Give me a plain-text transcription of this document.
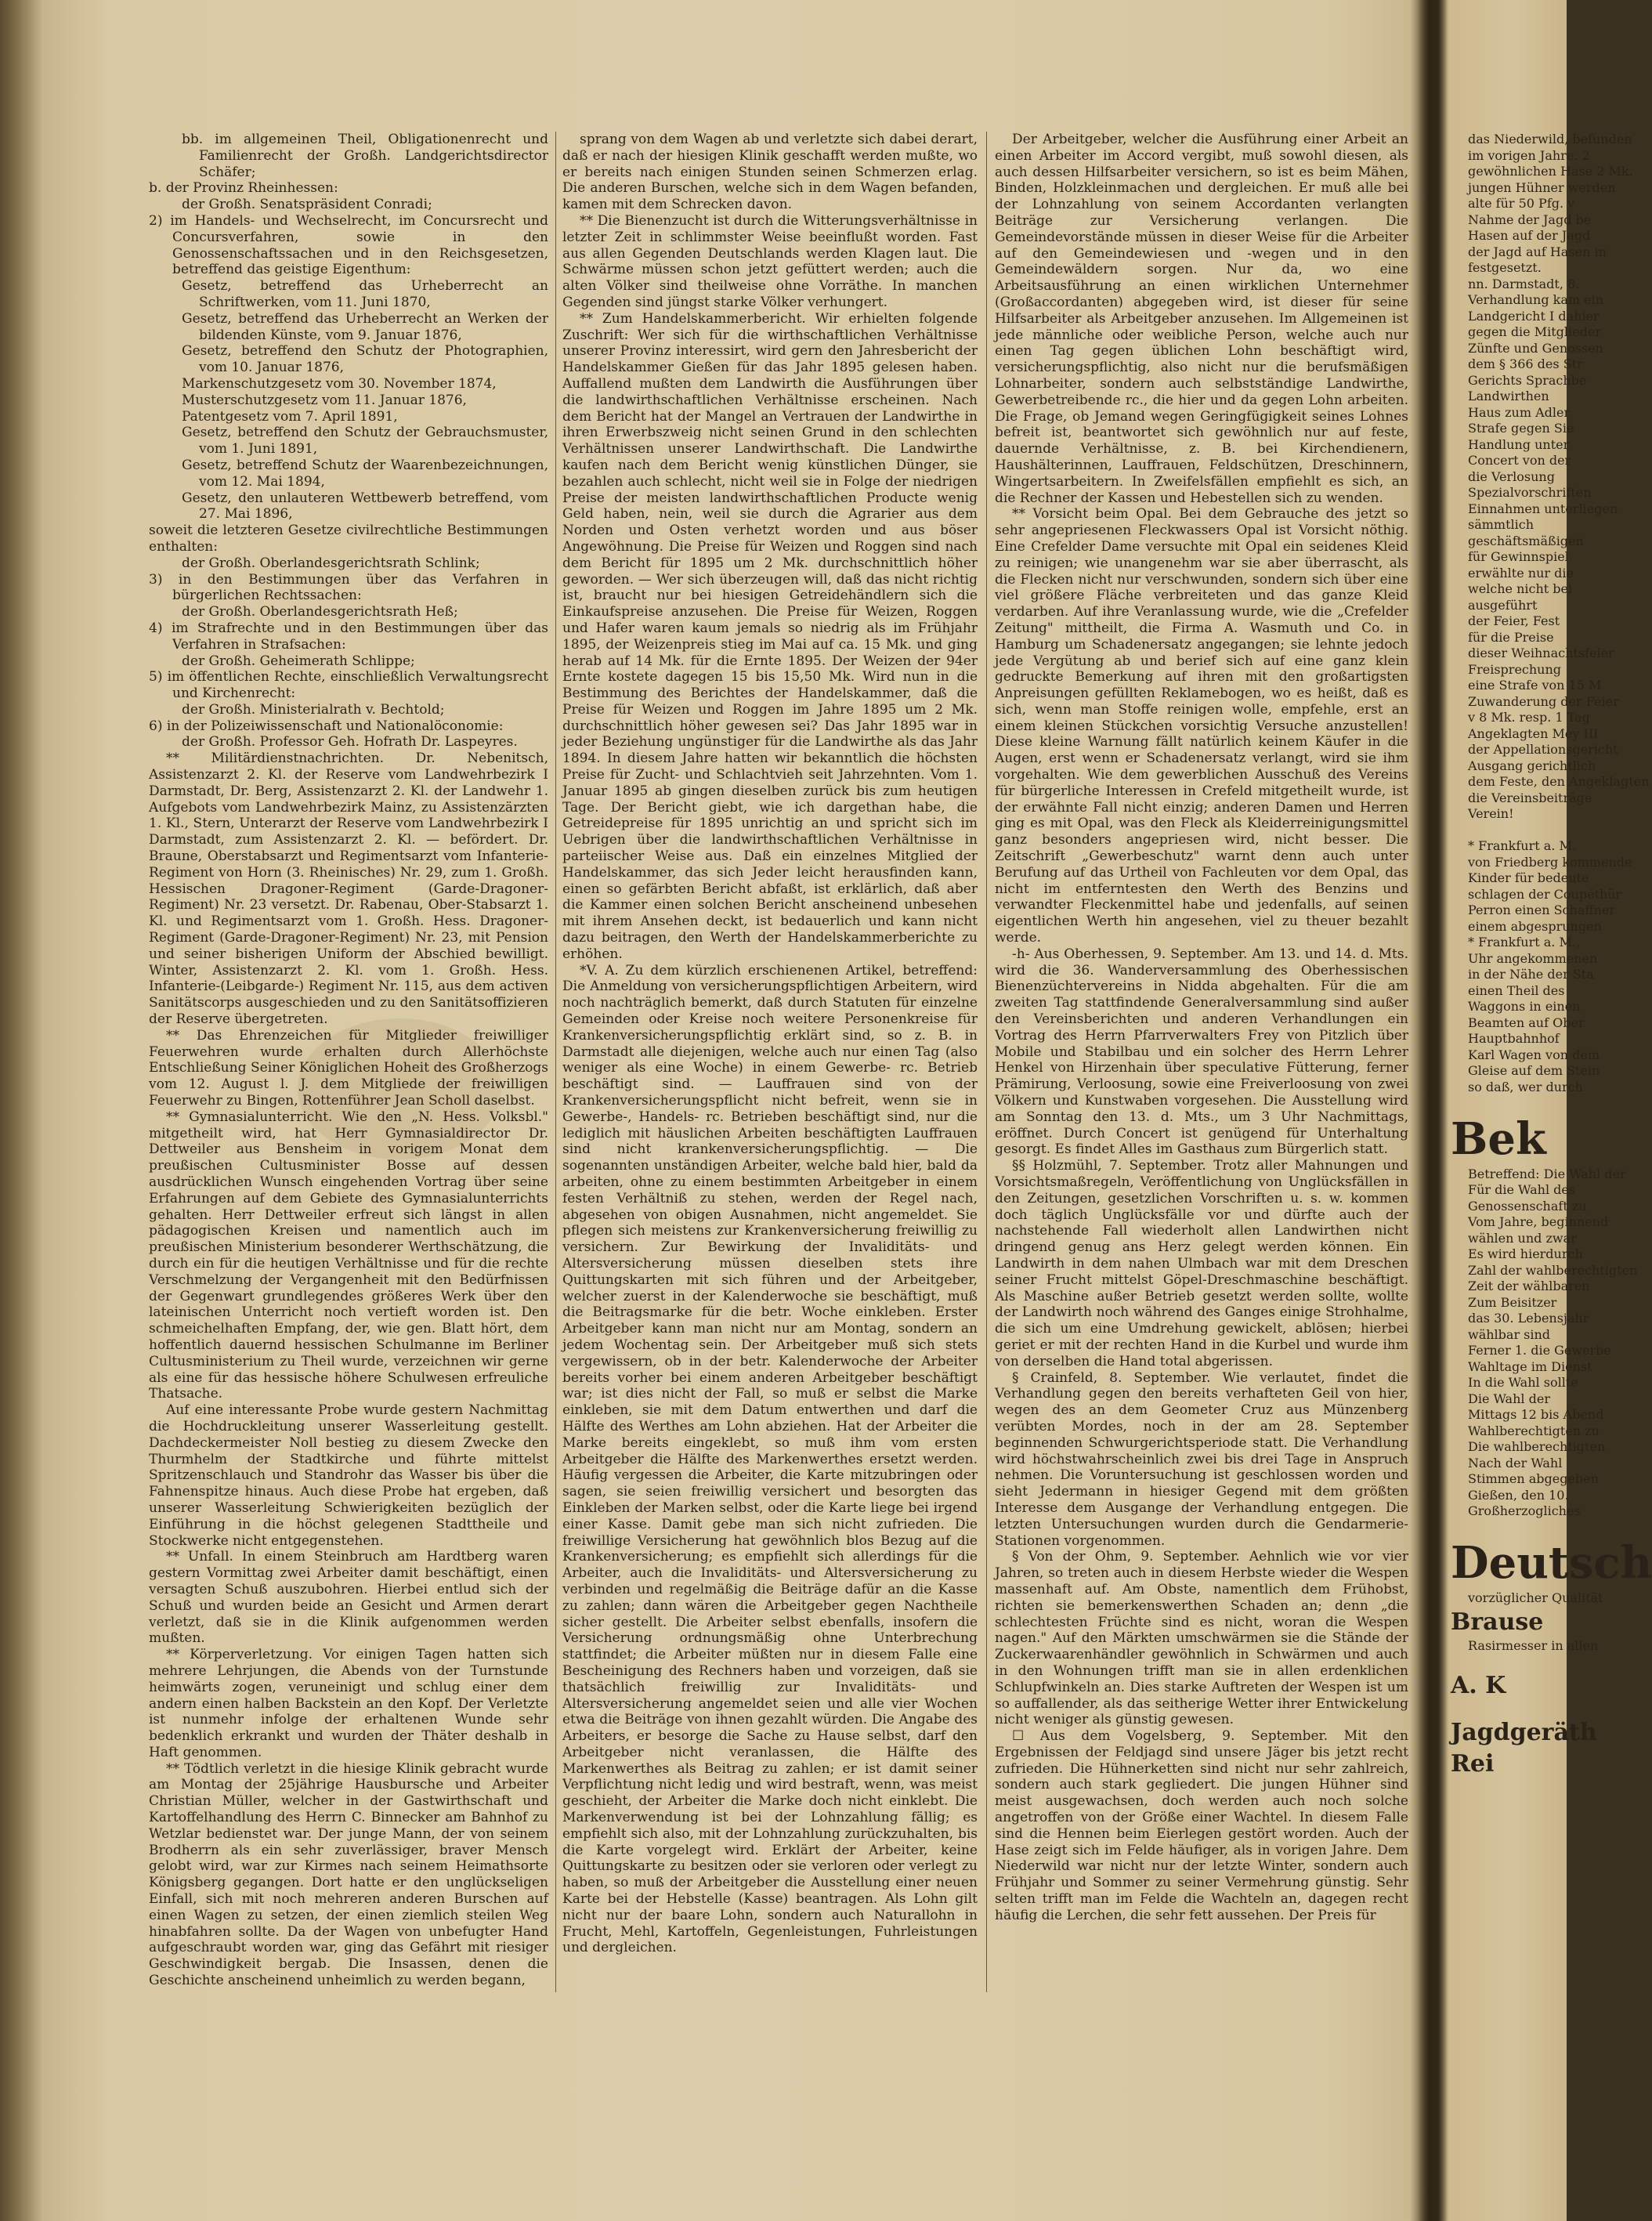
bb. im allgemeinen Theil, Obligationenrecht und Familienrecht der Großh. Landgerichtsdirector Schäfer;

b. der Provinz Rheinhessen:

der Großh. Senatspräsident Conradi;

2) im Handels- und Wechselrecht, im Concursrecht und Concursverfahren, sowie in den Genossenschaftssachen und in den Reichsgesetzen, betreffend das geistige Eigenthum:

Gesetz, betreffend das Urheberrecht an Schriftwerken, vom 11. Juni 1870,

Gesetz, betreffend das Urheberrecht an Werken der bildenden Künste, vom 9. Januar 1876,

Gesetz, betreffend den Schutz der Photographien, vom 10. Januar 1876,

Markenschutzgesetz vom 30. November 1874,

Musterschutzgesetz vom 11. Januar 1876,

Patentgesetz vom 7. April 1891,

Gesetz, betreffend den Schutz der Gebrauchsmuster, vom 1. Juni 1891,

Gesetz, betreffend Schutz der Waarenbezeichnungen, vom 12. Mai 1894,

Gesetz, den unlauteren Wettbewerb betreffend, vom 27. Mai 1896,

soweit die letzteren Gesetze civilrechtliche Bestimmungen enthalten:

der Großh. Oberlandesgerichtsrath Schlink;

3) in den Bestimmungen über das Verfahren in bürgerlichen Rechtssachen:

der Großh. Oberlandesgerichtsrath Heß;

4) im Strafrechte und in den Bestimmungen über das Verfahren in Strafsachen:

der Großh. Geheimerath Schlippe;

5) im öffentlichen Rechte, einschließlich Verwaltungsrecht und Kirchenrecht:

der Großh. Ministerialrath v. Bechtold;

6) in der Polizeiwissenschaft und Nationalöconomie:

der Großh. Professor Geh. Hofrath Dr. Laspeyres.

** Militärdienstnachrichten. Dr. Nebenitsch, Assistenzarzt 2. Kl. der Reserve vom Landwehrbezirk I Darmstadt, Dr. Berg, Assistenzarzt 2. Kl. der Landwehr 1. Aufgebots vom Landwehrbezirk Mainz, zu Assistenzärzten 1. Kl., Stern, Unterarzt der Reserve vom Landwehrbezirk I Darmstadt, zum Assistenzarzt 2. Kl. — befördert. Dr. Braune, Oberstabsarzt und Regimentsarzt vom Infanterie-Regiment von Horn (3. Rheinisches) Nr. 29, zum 1. Großh. Hessischen Dragoner-Regiment (Garde-Dragoner-Regiment) Nr. 23 versetzt. Dr. Rabenau, Ober-Stabsarzt 1. Kl. und Regimentsarzt vom 1. Großh. Hess. Dragoner-Regiment (Garde-Dragoner-Regiment) Nr. 23, mit Pension und seiner bisherigen Uniform der Abschied bewilligt. Winter, Assistenzarzt 2. Kl. vom 1. Großh. Hess. Infanterie-(Leibgarde-) Regiment Nr. 115, aus dem activen Sanitätscorps ausgeschieden und zu den Sanitätsoffizieren der Reserve übergetreten.

** Das Ehrenzeichen für Mitglieder freiwilliger Feuerwehren wurde erhalten durch Allerhöchste Entschließung Seiner Königlichen Hoheit des Großherzogs vom 12. August l. J. dem Mitgliede der freiwilligen Feuerwehr zu Bingen, Rottenführer Jean Scholl daselbst.

** Gymnasialunterricht. Wie den „N. Hess. Volksbl." mitgetheilt wird, hat Herr Gymnasialdirector Dr. Dettweiler aus Bensheim in vorigem Monat dem preußischen Cultusminister Bosse auf dessen ausdrücklichen Wunsch eingehenden Vortrag über seine Erfahrungen auf dem Gebiete des Gymnasialunterrichts gehalten. Herr Dettweiler erfreut sich längst in allen pädagogischen Kreisen und namentlich auch im preußischen Ministerium besonderer Werthschätzung, die durch ein für die heutigen Verhältnisse und für die rechte Verschmelzung der Vergangenheit mit den Bedürfnissen der Gegenwart grundlegendes größeres Werk über den lateinischen Unterricht noch vertieft worden ist. Den schmeichelhaften Empfang, der, wie gen. Blatt hört, dem hoffentlich dauernd hessischen Schulmanne im Berliner Cultusministerium zu Theil wurde, verzeichnen wir gerne als eine für das hessische höhere Schulwesen erfreuliche Thatsache.

Auf eine interessante Probe wurde gestern Nachmittag die Hochdruckleitung unserer Wasserleitung gestellt. Dachdeckermeister Noll bestieg zu diesem Zwecke den Thurmhelm der Stadtkirche und führte mittelst Spritzenschlauch und Standrohr das Wasser bis über die Fahnenspitze hinaus. Auch diese Probe hat ergeben, daß unserer Wasserleitung Schwierigkeiten bezüglich der Einführung in die höchst gelegenen Stadttheile und Stockwerke nicht entgegenstehen.

** Unfall. In einem Steinbruch am Hardtberg waren gestern Vormittag zwei Arbeiter damit beschäftigt, einen versagten Schuß auszubohren. Hierbei entlud sich der Schuß und wurden beide an Gesicht und Armen derart verletzt, daß sie in die Klinik aufgenommen werden mußten.

** Körperverletzung. Vor einigen Tagen hatten sich mehrere Lehrjungen, die Abends von der Turnstunde heimwärts zogen, veruneinigt und schlug einer dem andern einen halben Backstein an den Kopf. Der Verletzte ist nunmehr infolge der erhaltenen Wunde sehr bedenklich erkrankt und wurden der Thäter deshalb in Haft genommen.

** Tödtlich verletzt in die hiesige Klinik gebracht wurde am Montag der 25jährige Hausbursche und Arbeiter Christian Müller, welcher in der Gastwirthschaft und Kartoffelhandlung des Herrn C. Binnecker am Bahnhof zu Wetzlar bedienstet war. Der junge Mann, der von seinem Brodherrn als ein sehr zuverlässiger, braver Mensch gelobt wird, war zur Kirmes nach seinem Heimathsorte Königsberg gegangen. Dort hatte er den unglückseligen Einfall, sich mit noch mehreren anderen Burschen auf einen Wagen zu setzen, der einen ziemlich steilen Weg hinabfahren sollte. Da der Wagen von unbefugter Hand aufgeschraubt worden war, ging das Gefährt mit riesiger Geschwindigkeit bergab. Die Insassen, denen die Geschichte anscheinend unheimlich zu werden begann,

sprang von dem Wagen ab und verletzte sich dabei derart, daß er nach der hiesigen Klinik geschafft werden mußte, wo er bereits nach einigen Stunden seinen Schmerzen erlag. Die anderen Burschen, welche sich in dem Wagen befanden, kamen mit dem Schrecken davon.

** Die Bienenzucht ist durch die Witterungsverhältnisse in letzter Zeit in schlimmster Weise beeinflußt worden. Fast aus allen Gegenden Deutschlands werden Klagen laut. Die Schwärme müssen schon jetzt gefüttert werden; auch die alten Völker sind theilweise ohne Vorräthe. In manchen Gegenden sind jüngst starke Völker verhungert.

** Zum Handelskammerbericht. Wir erhielten folgende Zuschrift: Wer sich für die wirthschaftlichen Verhältnisse unserer Provinz interessirt, wird gern den Jahresbericht der Handelskammer Gießen für das Jahr 1895 gelesen haben. Auffallend mußten dem Landwirth die Ausführungen über die landwirthschaftlichen Verhältnisse erscheinen. Nach dem Bericht hat der Mangel an Vertrauen der Landwirthe in ihren Erwerbszweig nicht seinen Grund in den schlechten Verhältnissen unserer Landwirthschaft. Die Landwirthe kaufen nach dem Bericht wenig künstlichen Dünger, sie bezahlen auch schlecht, nicht weil sie in Folge der niedrigen Preise der meisten landwirthschaftlichen Producte wenig Geld haben, nein, weil sie durch die Agrarier aus dem Norden und Osten verhetzt worden und aus böser Angewöhnung. Die Preise für Weizen und Roggen sind nach dem Bericht für 1895 um 2 Mk. durchschnittlich höher geworden. — Wer sich überzeugen will, daß das nicht richtig ist, braucht nur bei hiesigen Getreidehändlern sich die Einkaufspreise anzusehen. Die Preise für Weizen, Roggen und Hafer waren kaum jemals so niedrig als im Frühjahr 1895, der Weizenpreis stieg im Mai auf ca. 15 Mk. und ging herab auf 14 Mk. für die Ernte 1895. Der Weizen der 94er Ernte kostete dagegen 15 bis 15,50 Mk. Wird nun in die Bestimmung des Berichtes der Handelskammer, daß die Preise für Weizen und Roggen im Jahre 1895 um 2 Mk. durchschnittlich höher gewesen sei? Das Jahr 1895 war in jeder Beziehung ungünstiger für die Landwirthe als das Jahr 1894. In diesem Jahre hatten wir bekanntlich die höchsten Preise für Zucht- und Schlachtvieh seit Jahrzehnten. Vom 1. Januar 1895 ab gingen dieselben zurück bis zum heutigen Tage. Der Bericht giebt, wie ich dargethan habe, die Getreidepreise für 1895 unrichtig an und spricht sich im Uebrigen über die landwirthschaftlichen Verhältnisse in parteiischer Weise aus. Daß ein einzelnes Mitglied der Handelskammer, das sich Jeder leicht herausfinden kann, einen so gefärbten Bericht abfaßt, ist erklärlich, daß aber die Kammer einen solchen Bericht anscheinend unbesehen mit ihrem Ansehen deckt, ist bedauerlich und kann nicht dazu beitragen, den Werth der Handelskammerberichte zu erhöhen.

*V. A. Zu dem kürzlich erschienenen Artikel, betreffend: Die Anmeldung von versicherungspflichtigen Arbeitern, wird noch nachträglich bemerkt, daß durch Statuten für einzelne Gemeinden oder Kreise noch weitere Personenkreise für Krankenversicherungspflichtig erklärt sind, so z. B. in Darmstadt alle diejenigen, welche auch nur einen Tag (also weniger als eine Woche) in einem Gewerbe- rc. Betrieb beschäftigt sind. — Lauffrauen sind von der Krankenversicherungspflicht nicht befreit, wenn sie in Gewerbe-, Handels- rc. Betrieben beschäftigt sind, nur die lediglich mit häuslichen Arbeiten beschäftigten Lauffrauen sind nicht krankenversicherungspflichtig. — Die sogenannten unständigen Arbeiter, welche bald hier, bald da arbeiten, ohne zu einem bestimmten Arbeitgeber in einem festen Verhältniß zu stehen, werden der Regel nach, abgesehen von obigen Ausnahmen, nicht angemeldet. Sie pflegen sich meistens zur Krankenversicherung freiwillig zu versichern. Zur Bewirkung der Invaliditäts- und Altersversicherung müssen dieselben stets ihre Quittungskarten mit sich führen und der Arbeitgeber, welcher zuerst in der Kalenderwoche sie beschäftigt, muß die Beitragsmarke für die betr. Woche einkleben. Erster Arbeitgeber kann man nicht nur am Montag, sondern an jedem Wochentag sein. Der Arbeitgeber muß sich stets vergewissern, ob in der betr. Kalenderwoche der Arbeiter bereits vorher bei einem anderen Arbeitgeber beschäftigt war; ist dies nicht der Fall, so muß er selbst die Marke einkleben, sie mit dem Datum entwerthen und darf die Hälfte des Werthes am Lohn abziehen. Hat der Arbeiter die Marke bereits eingeklebt, so muß ihm vom ersten Arbeitgeber die Hälfte des Markenwerthes ersetzt werden. Häufig vergessen die Arbeiter, die Karte mitzubringen oder sagen, sie seien freiwillig versichert und besorgten das Einkleben der Marken selbst, oder die Karte liege bei irgend einer Kasse. Damit gebe man sich nicht zufrieden. Die freiwillige Versicherung hat gewöhnlich blos Bezug auf die Krankenversicherung; es empfiehlt sich allerdings für die Arbeiter, auch die Invaliditäts- und Altersversicherung zu verbinden und regelmäßig die Beiträge dafür an die Kasse zu zahlen; dann wären die Arbeitgeber gegen Nachtheile sicher gestellt. Die Arbeiter selbst ebenfalls, insofern die Versicherung ordnungsmäßig ohne Unterbrechung stattfindet; die Arbeiter müßten nur in diesem Falle eine Bescheinigung des Rechners haben und vorzeigen, daß sie thatsächlich freiwillig zur Invaliditäts- und Altersversicherung angemeldet seien und alle vier Wochen etwa die Beiträge von ihnen gezahlt würden. Die Angabe des Arbeiters, er besorge die Sache zu Hause selbst, darf den Arbeitgeber nicht veranlassen, die Hälfte des Markenwerthes als Beitrag zu zahlen; er ist damit seiner Verpflichtung nicht ledig und wird bestraft, wenn, was meist geschieht, der Arbeiter die Marke doch nicht einklebt. Die Markenverwendung ist bei der Lohnzahlung fällig; es empfiehlt sich also, mit der Lohnzahlung zurückzuhalten, bis die Karte vorgelegt wird. Erklärt der Arbeiter, keine Quittungskarte zu besitzen oder sie verloren oder verlegt zu haben, so muß der Arbeitgeber die Ausstellung einer neuen Karte bei der Hebstelle (Kasse) beantragen. Als Lohn gilt nicht nur der baare Lohn, sondern auch Naturallohn in Frucht, Mehl, Kartoffeln, Gegenleistungen, Fuhrleistungen und dergleichen.

Der Arbeitgeber, welcher die Ausführung einer Arbeit an einen Arbeiter im Accord vergibt, muß sowohl diesen, als auch dessen Hilfsarbeiter versichern, so ist es beim Mähen, Binden, Holzkleinmachen und dergleichen. Er muß alle bei der Lohnzahlung von seinem Accordanten verlangten Beiträge zur Versicherung verlangen. Die Gemeindevorstände müssen in dieser Weise für die Arbeiter auf den Gemeindewiesen und -wegen und in den Gemeindewäldern sorgen. Nur da, wo eine Arbeitsausführung an einen wirklichen Unternehmer (Großaccordanten) abgegeben wird, ist dieser für seine Hilfsarbeiter als Arbeitgeber anzusehen. Im Allgemeinen ist jede männliche oder weibliche Person, welche auch nur einen Tag gegen üblichen Lohn beschäftigt wird, versicherungspflichtig, also nicht nur die berufsmäßigen Lohnarbeiter, sondern auch selbstständige Landwirthe, Gewerbetreibende rc., die hier und da gegen Lohn arbeiten. Die Frage, ob Jemand wegen Geringfügigkeit seines Lohnes befreit ist, beantwortet sich gewöhnlich nur auf feste, dauernde Verhältnisse, z. B. bei Kirchendienern, Haushälterinnen, Lauffrauen, Feldschützen, Dreschinnern, Wingertsarbeitern. In Zweifelsfällen empfiehlt es sich, an die Rechner der Kassen und Hebestellen sich zu wenden.

** Vorsicht beim Opal. Bei dem Gebrauche des jetzt so sehr angepriesenen Fleckwassers Opal ist Vorsicht nöthig. Eine Crefelder Dame versuchte mit Opal ein seidenes Kleid zu reinigen; wie unangenehm war sie aber überrascht, als die Flecken nicht nur verschwunden, sondern sich über eine viel größere Fläche verbreiteten und das ganze Kleid verdarben. Auf ihre Veranlassung wurde, wie die „Crefelder Zeitung" mittheilt, die Firma A. Wasmuth und Co. in Hamburg um Schadenersatz angegangen; sie lehnte jedoch jede Vergütung ab und berief sich auf eine ganz klein gedruckte Bemerkung auf ihren mit den großartigsten Anpreisungen gefüllten Reklamebogen, wo es heißt, daß es sich, wenn man Stoffe reinigen wolle, empfehle, erst an einem kleinen Stückchen vorsichtig Versuche anzustellen! Diese kleine Warnung fällt natürlich keinem Käufer in die Augen, erst wenn er Schadenersatz verlangt, wird sie ihm vorgehalten. Wie dem gewerblichen Ausschuß des Vereins für bürgerliche Interessen in Crefeld mitgetheilt wurde, ist der erwähnte Fall nicht einzig; anderen Damen und Herren ging es mit Opal, was den Fleck als Kleiderreinigungsmittel ganz besonders angepriesen wird, nicht besser. Die Zeitschrift „Gewerbeschutz" warnt denn auch unter Berufung auf das Urtheil von Fachleuten vor dem Opal, das nicht im entferntesten den Werth des Benzins und verwandter Fleckenmittel habe und jedenfalls, auf seinen eigentlichen Werth hin angesehen, viel zu theuer bezahlt werde.

-h- Aus Oberhessen, 9. September. Am 13. und 14. d. Mts. wird die 36. Wanderversammlung des Oberhessischen Bienenzüchtervereins in Nidda abgehalten. Für die am zweiten Tag stattfindende Generalversammlung sind außer den Vereinsberichten und anderen Verhandlungen ein Vortrag des Herrn Pfarrverwalters Frey von Pitzlich über Mobile und Stabilbau und ein solcher des Herrn Lehrer Henkel von Hirzenhain über speculative Fütterung, ferner Prämirung, Verloosung, sowie eine Freiverloosung von zwei Völkern und Kunstwaben vorgesehen. Die Ausstellung wird am Sonntag den 13. d. Mts., um 3 Uhr Nachmittags, eröffnet. Durch Concert ist genügend für Unterhaltung gesorgt. Es findet Alles im Gasthaus zum Bürgerlich statt.

§§ Holzmühl, 7. September. Trotz aller Mahnungen und Vorsichtsmaßregeln, Veröffentlichung von Unglücksfällen in den Zeitungen, gesetzlichen Vorschriften u. s. w. kommen doch täglich Unglücksfälle vor und dürfte auch der nachstehende Fall wiederholt allen Landwirthen nicht dringend genug ans Herz gelegt werden können. Ein Landwirth in dem nahen Ulmbach war mit dem Dreschen seiner Frucht mittelst Göpel-Dreschmaschine beschäftigt. Als Maschine außer Betrieb gesetzt werden sollte, wollte der Landwirth noch während des Ganges einige Strohhalme, die sich um eine Umdrehung gewickelt, ablösen; hierbei geriet er mit der rechten Hand in die Kurbel und wurde ihm von derselben die Hand total abgerissen.

§ Crainfeld, 8. September. Wie verlautet, findet die Verhandlung gegen den bereits verhafteten Geil von hier, wegen des an dem Geometer Cruz aus Münzenberg verübten Mordes, noch in der am 28. September beginnenden Schwurgerichtsperiode statt. Die Verhandlung wird höchstwahrscheinlich zwei bis drei Tage in Anspruch nehmen. Die Voruntersuchung ist geschlossen worden und sieht Jedermann in hiesiger Gegend mit dem größten Interesse dem Ausgange der Verhandlung entgegen. Die letzten Untersuchungen wurden durch die Gendarmerie-Stationen vorgenommen.

§ Von der Ohm, 9. September. Aehnlich wie vor vier Jahren, so treten auch in diesem Herbste wieder die Wespen massenhaft auf. Am Obste, namentlich dem Frühobst, richten sie bemerkenswerthen Schaden an; denn „die schlechtesten Früchte sind es nicht, woran die Wespen nagen." Auf den Märkten umschwärmen sie die Stände der Zuckerwaarenhändler gewöhnlich in Schwärmen und auch in den Wohnungen trifft man sie in allen erdenklichen Schlupfwinkeln an. Dies starke Auftreten der Wespen ist um so auffallender, als das seitherige Wetter ihrer Entwickelung nicht weniger als günstig gewesen.

☐ Aus dem Vogelsberg, 9. September. Mit den Ergebnissen der Feldjagd sind unsere Jäger bis jetzt recht zufrieden. Die Hühnerketten sind nicht nur sehr zahlreich, sondern auch stark gegliedert. Die jungen Hühner sind meist ausgewachsen, doch werden auch noch solche angetroffen von der Größe einer Wachtel. In diesem Falle sind die Hennen beim Eierlegen gestört worden. Auch der Hase zeigt sich im Felde häufiger, als in vorigen Jahre. Dem Niederwild war nicht nur der letzte Winter, sondern auch Frühjahr und Sommer zu seiner Vermehrung günstig. Sehr selten trifft man im Felde die Wachteln an, dagegen recht häufig die Lerchen, die sehr fett aussehen. Der Preis für

das Niederwild, befunden

im vorigen Jahre. 2

gewöhnlichen Hase 2 Mk.

jungen Hühner werden

alte für 50 Pfg. v

Nahme der Jagd be

Hasen auf der Jagd

der Jagd auf Hasen in

festgesetzt.

nn. Darmstadt, 8.

Verhandlung kam ein

Landgericht I dahier

gegen die Mitglieder

Zünfte und Genossen

dem § 366 des Str

Gerichts Sprachbe

Landwirthen

Haus zum Adler

Strafe gegen Sie

Handlung unter

Concert von der

die Verlosung

Spezialvorschriften

Einnahmen unterliegen

sämmtlich

geschäftsmäßigen

für Gewinnspiel

erwählte nur die

welche nicht bei

ausgeführt

der Feier, Fest

für die Preise

dieser Weihnachtsfeier

Freisprechung

eine Strafe von 15 M

Zuwanderung der Feier

v 8 Mk. resp. 1 Tag

Angeklagten Mey III

der Appellationsgericht

Ausgang gerichtlich

dem Feste, den Angeklagten

die Vereinsbeiträge

Verein!

* Frankfurt a. M.

von Friedberg kommende

Kinder für bedeute

schlagen der Coupéthür

Perron einen Schaffner

einem abgesprungen

* Frankfurt a. M.,

Uhr angekommenen

in der Nähe der Sta

einen Theil des

Waggons in einen

Beamten auf Ober

Hauptbahnhof

Karl Wagen von dem

Gleise auf dem Stein

so daß, wer durch

Bek

Betreffend: Die Wahl der

Für die Wahl des

Genossenschaft zu

Vom Jahre, beginnend

wählen und zwar

Es wird hierdurch

Zahl der wahlberechtigten

Zeit der wählbaren

Zum Beisitzer

das 30. Lebensjahr

wählbar sind

Ferner 1. die Gewerbe

Wahltage im Dienst

In die Wahl sollte

Die Wahl der

Mittags 12 bis Abend

Wahlberechtigten zu

Die wahlberechtigten

Nach der Wahl

Stimmen abgegeben

Gießen, den 10.

Großherzogliches

Deutsch

vorzüglicher Qualität

Brause

Rasirmesser in allen

A. K

Jagdgeräth

Rei
